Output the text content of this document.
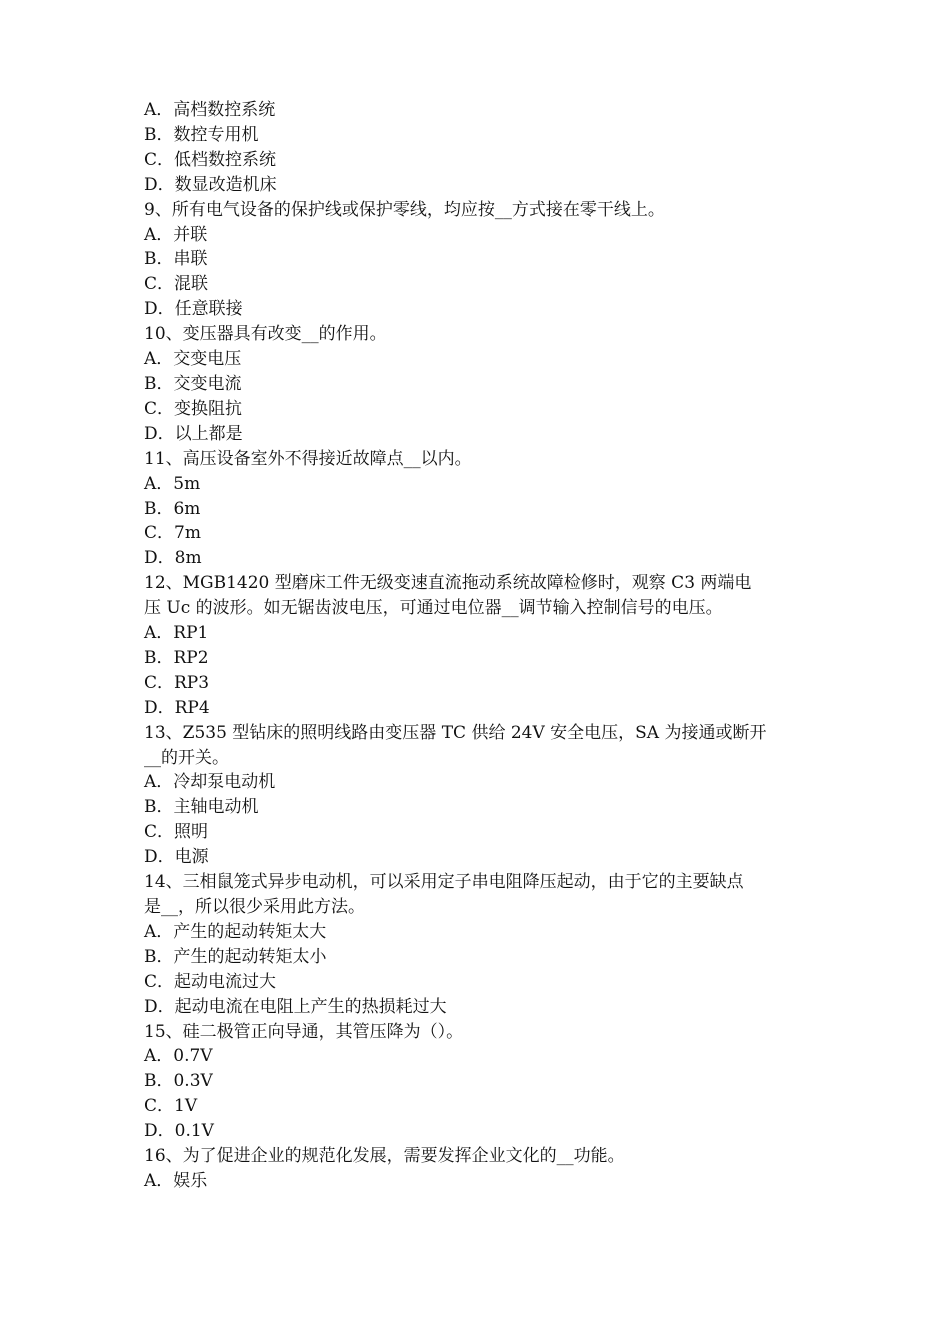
A．高档数控系统
B．数控专用机
C．低档数控系统
D．数显改造机床
9、所有电气设备的保护线或保护零线，均应按__方式接在零干线上。
A．并联
B．串联
C．混联
D．任意联接
10、变压器具有改变__的作用。
A．交变电压
B．交变电流
C．变换阻抗
D．以上都是
11、高压设备室外不得接近故障点__以内。
A．5m
B．6m
C．7m
D．8m
12、MGB1420 型磨床工件无级变速直流拖动系统故障检修时，观察 C3 两端电
压 Uc 的波形。如无锯齿波电压，可通过电位器__调节输入控制信号的电压。
A．RP1
B．RP2
C．RP3
D．RP4
13、Z535 型钻床的照明线路由变压器 TC 供给 24V 安全电压，SA 为接通或断开
__的开关。
A．冷却泵电动机
B．主轴电动机
C．照明
D．电源
14、三相鼠笼式异步电动机，可以采用定子串电阻降压起动，由于它的主要缺点
是__，所以很少采用此方法。
A．产生的起动转矩太大
B．产生的起动转矩太小
C．起动电流过大
D．起动电流在电阻上产生的热损耗过大
15、硅二极管正向导通，其管压降为（）。
A．0.7V
B．0.3V
C．1V
D．0.1V
16、为了促进企业的规范化发展，需要发挥企业文化的__功能。
A．娱乐
